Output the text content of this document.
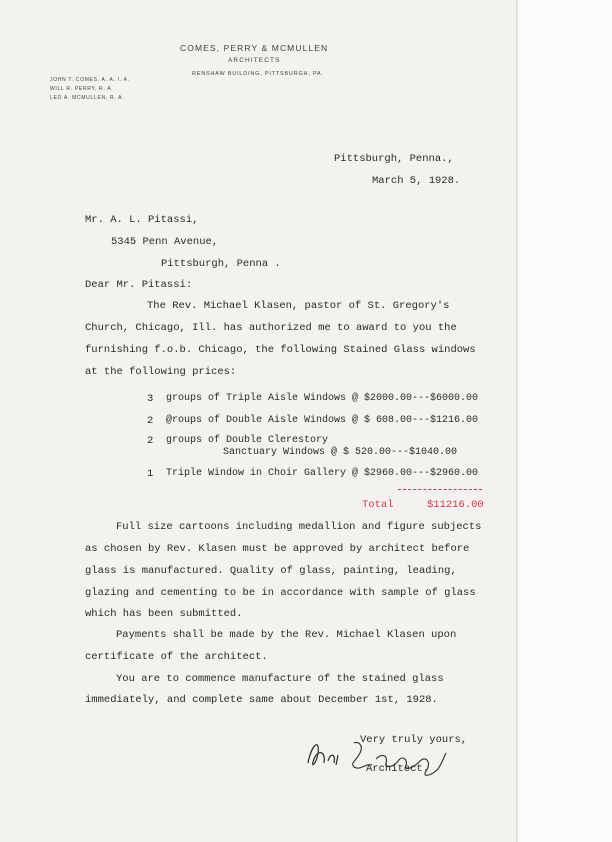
COMES, PERRY & MCMULLEN
ARCHITECTS
RENSHAW BUILDING, PITTSBURGH, PA.
JOHN T. COMES, A. A. I. A.
WILL R. PERRY, R. A.
LEO A. MCMULLEN, R. A.
Pittsburgh, Penna.,
March 5, 1928.
Mr. A. L. Pitassi,
5345 Penn Avenue,
Pittsburgh, Penna .
Dear Mr. Pitassi:
The Rev. Michael Klasen, pastor of St. Gregory's
Church, Chicago, Ill. has authorized me to award to you the
furnishing f.o.b. Chicago, the following Stained Glass windows
at the following prices:
3 groups of Triple Aisle Windows @ $2000.00---$6000.00
2 @roups of Double Aisle Windows @ $ 608.00---$1216.00
2 groups of Double Clerestory
Sanctuary Windows @ $ 520.00---$1040.00
1 Triple Window in Choir Gallery @ $2960.00---$2960.00
Total	$11216.00
Full size cartoons including medallion and figure subjects
as chosen by Rev. Klasen must be approved by architect before
glass is manufactured. Quality of glass, painting, leading,
glazing and cementing to be in accordance with sample of glass
which has been submitted.
Payments shall be made by the Rev. Michael Klasen upon
certificate of the architect.
You are to commence manufacture of the stained glass
immediately, and complete same about December 1st, 1928.
Very truly yours,
Architect.
